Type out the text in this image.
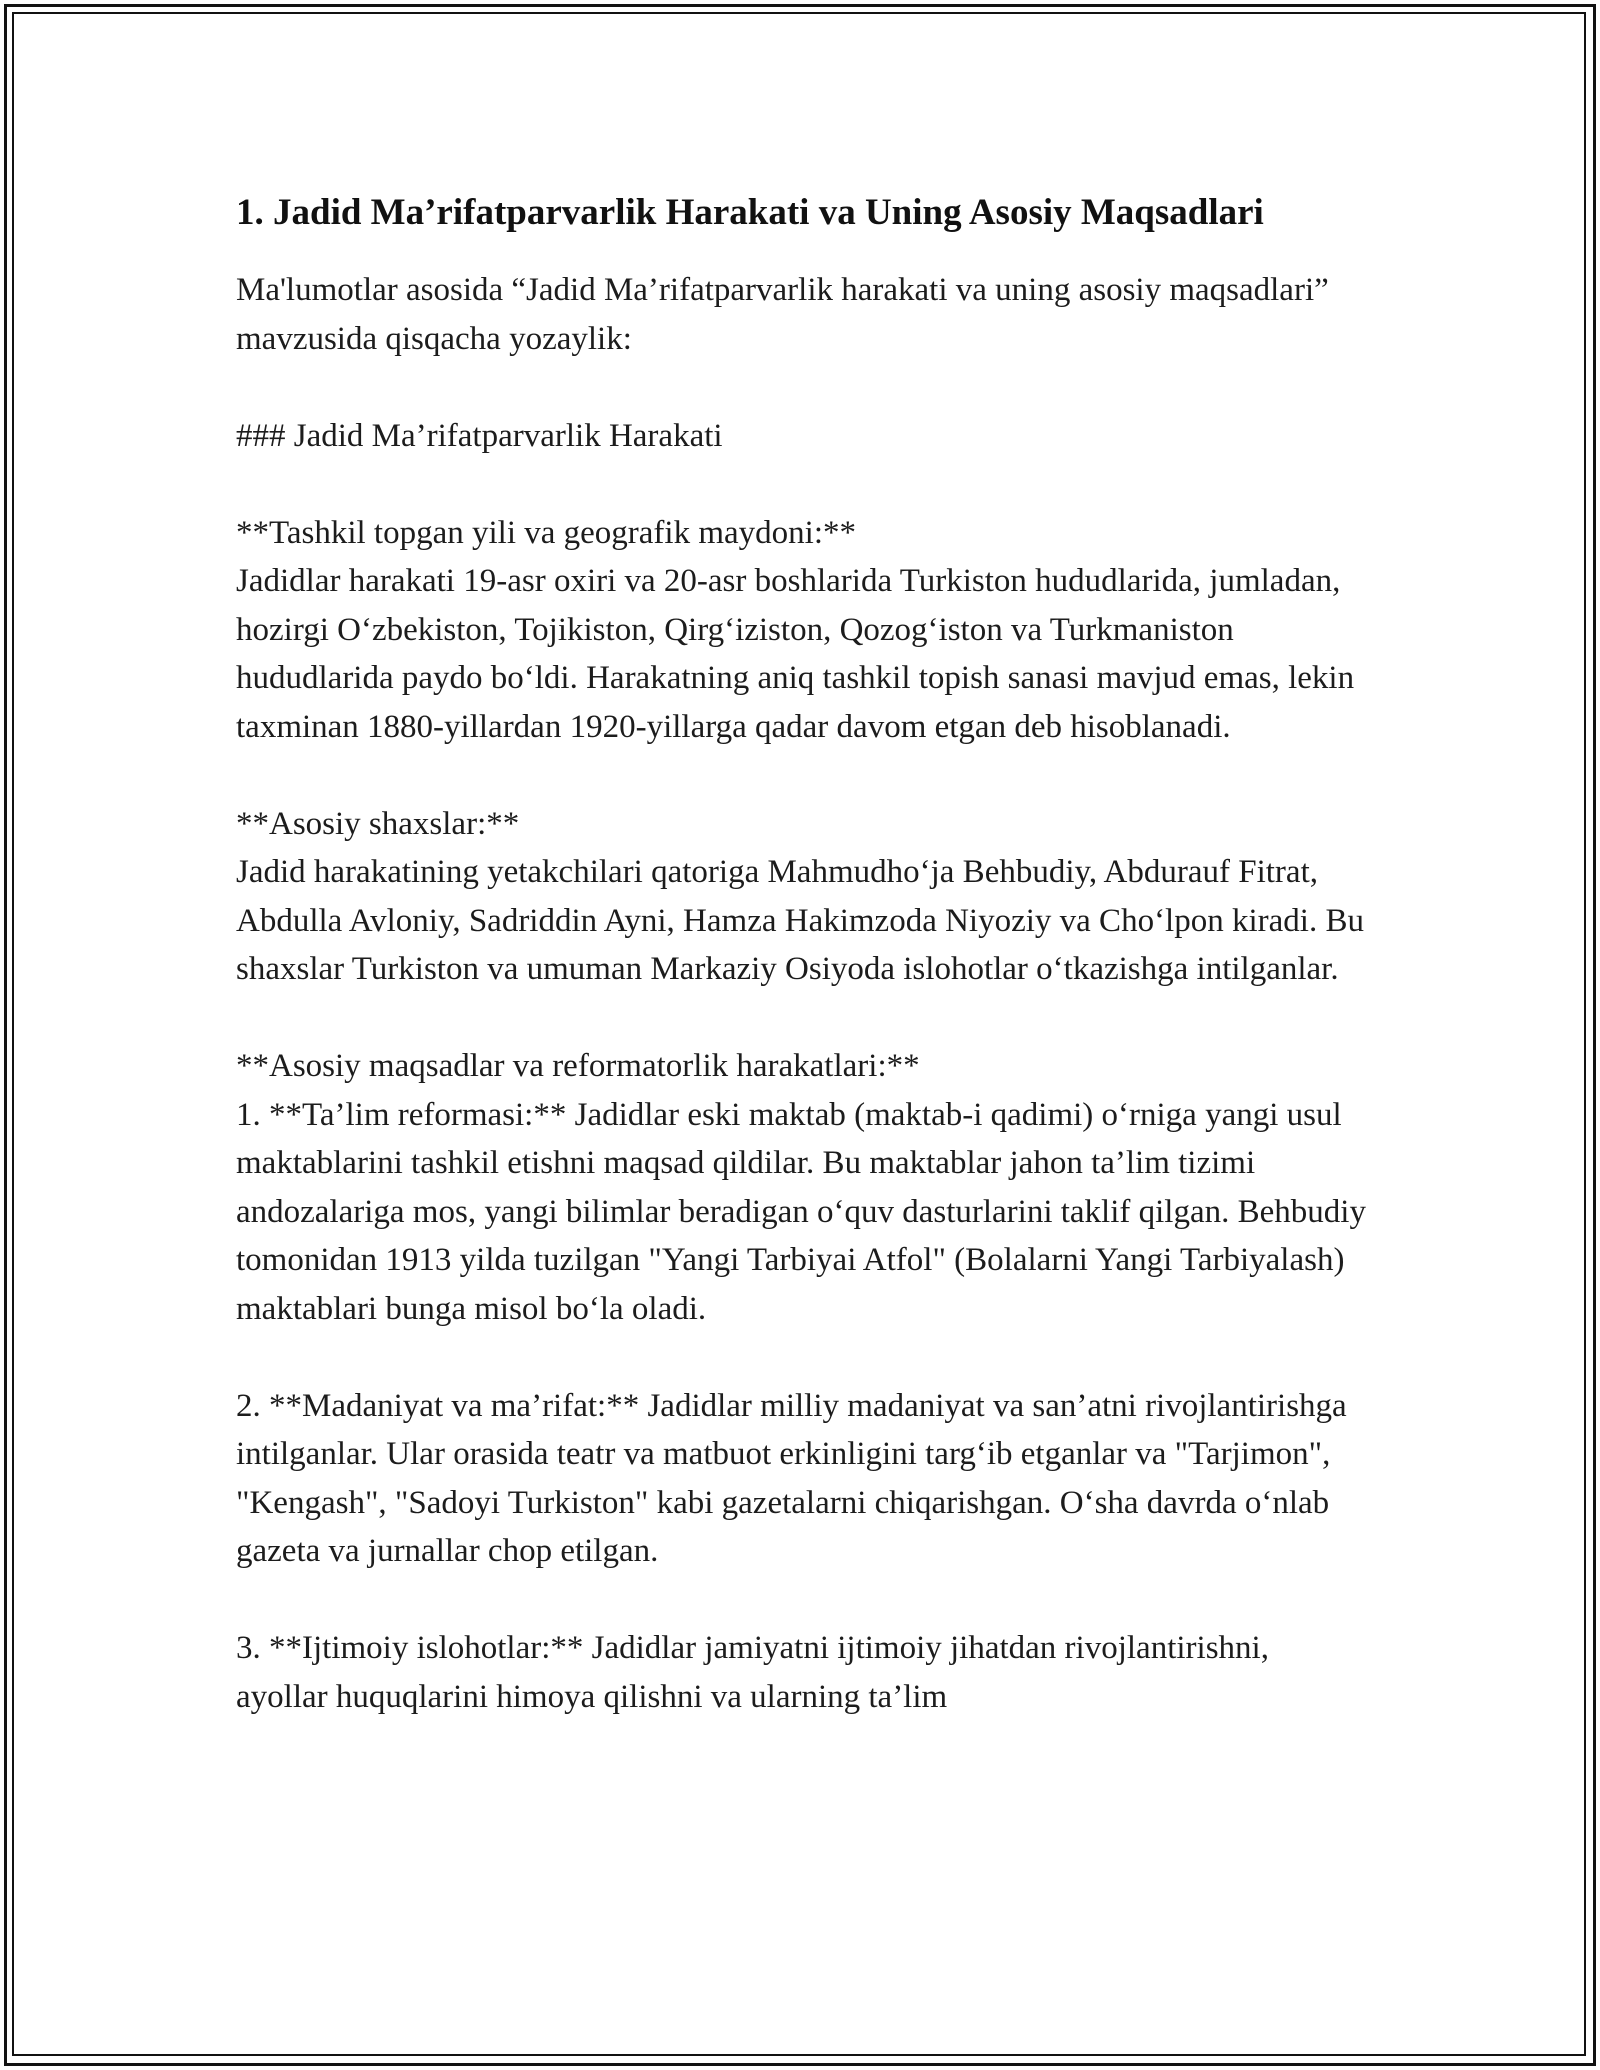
1. Jadid Ma’rifatparvarlik Harakati va Uning Asosiy Maqsadlari

Ma'lumotlar asosida “Jadid Ma’rifatparvarlik harakati va uning asosiy maqsadlari” mavzusida qisqacha yozaylik:

### Jadid Ma’rifatparvarlik Harakati

**Tashkil topgan yili va geografik maydoni:**

Jadidlar harakati 19-asr oxiri va 20-asr boshlarida Turkiston hududlarida, jumladan, hozirgi O‘zbekiston, Tojikiston, Qirg‘iziston, Qozog‘iston va Turkmaniston hududlarida paydo bo‘ldi. Harakatning aniq tashkil topish sanasi mavjud emas, lekin taxminan 1880-yillardan 1920-yillarga qadar davom etgan deb hisoblanadi.

**Asosiy shaxslar:**

Jadid harakatining yetakchilari qatoriga Mahmudho‘ja Behbudiy, Abdurauf Fitrat, Abdulla Avloniy, Sadriddin Ayni, Hamza Hakimzoda Niyoziy va Cho‘lpon kiradi. Bu shaxslar Turkiston va umuman Markaziy Osiyoda islohotlar o‘tkazishga intilganlar.

**Asosiy maqsadlar va reformatorlik harakatlari:**

1. **Ta’lim reformasi:** Jadidlar eski maktab (maktab-i qadimi) o‘rniga yangi usul maktablarini tashkil etishni maqsad qildilar. Bu maktablar jahon ta’lim tizimi andozalariga mos, yangi bilimlar beradigan o‘quv dasturlarini taklif qilgan. Behbudiy tomonidan 1913 yilda tuzilgan "Yangi Tarbiyai Atfol" (Bolalarni Yangi Tarbiyalash) maktablari bunga misol bo‘la oladi.

2. **Madaniyat va ma’rifat:** Jadidlar milliy madaniyat va san’atni rivojlantirishga intilganlar. Ular orasida teatr va matbuot erkinligini targ‘ib etganlar va "Tarjimon", "Kengash", "Sadoyi Turkiston" kabi gazetalarni chiqarishgan. O‘sha davrda o‘nlab gazeta va jurnallar chop etilgan.

3. **Ijtimoiy islohotlar:** Jadidlar jamiyatni ijtimoiy jihatdan rivojlantirishni, ayollar huquqlarini himoya qilishni va ularning ta’lim
